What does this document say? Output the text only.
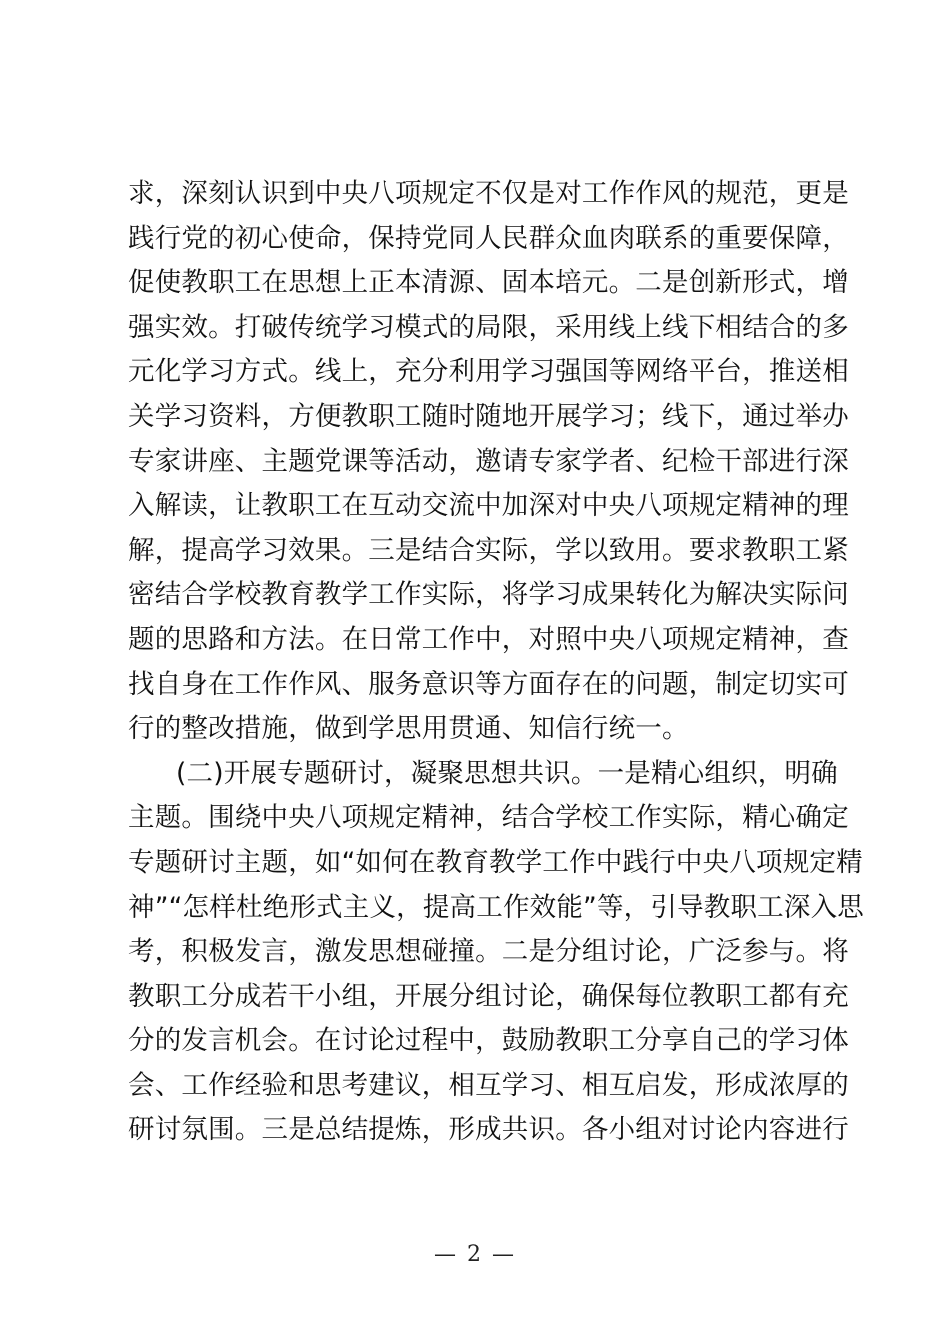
求，深刻认识到中央八项规定不仅是对工作作风的规范，更是
践行党的初心使命，保持党同人民群众血肉联系的重要保障，
促使教职工在思想上正本清源、固本培元。二是创新形式，增
强实效。打破传统学习模式的局限，采用线上线下相结合的多
元化学习方式。线上，充分利用学习强国等网络平台，推送相
关学习资料，方便教职工随时随地开展学习；线下，通过举办
专家讲座、主题党课等活动，邀请专家学者、纪检干部进行深
入解读，让教职工在互动交流中加深对中央八项规定精神的理
解，提高学习效果。三是结合实际，学以致用。要求教职工紧
密结合学校教育教学工作实际，将学习成果转化为解决实际问
题的思路和方法。在日常工作中，对照中央八项规定精神，查
找自身在工作作风、服务意识等方面存在的问题，制定切实可
行的整改措施，做到学思用贯通、知信行统一。
(二)开展专题研讨，凝聚思想共识。一是精心组织，明确
主题。围绕中央八项规定精神，结合学校工作实际，精心确定
专题研讨主题，如“如何在教育教学工作中践行中央八项规定精
神”“怎样杜绝形式主义，提高工作效能”等，引导教职工深入思
考，积极发言，激发思想碰撞。二是分组讨论，广泛参与。将
教职工分成若干小组，开展分组讨论，确保每位教职工都有充
分的发言机会。在讨论过程中，鼓励教职工分享自己的学习体
会、工作经验和思考建议，相互学习、相互启发，形成浓厚的
研讨氛围。三是总结提炼，形成共识。各小组对讨论内容进行
— 2 —
